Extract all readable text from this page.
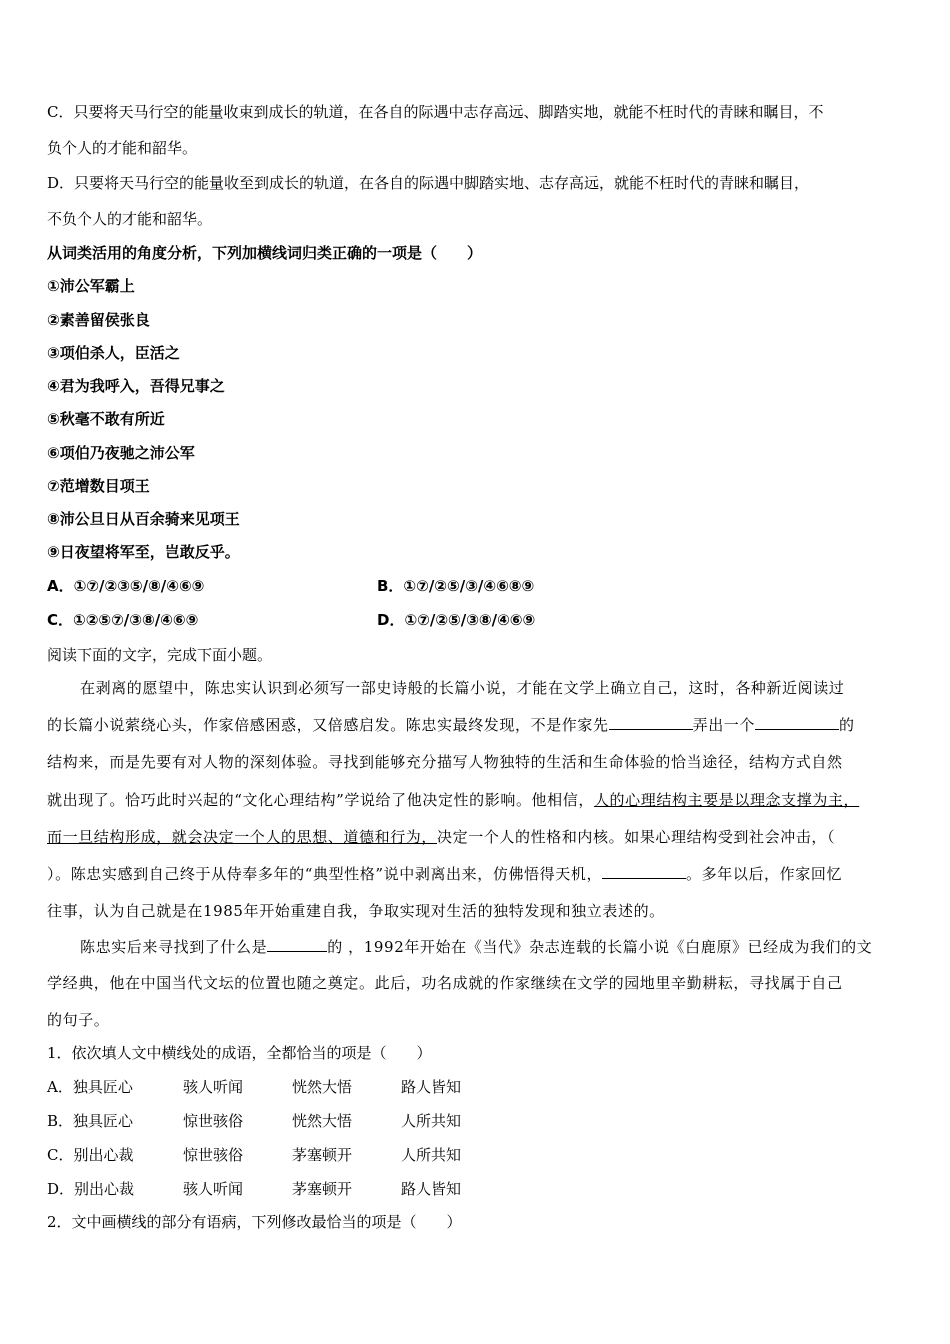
C．只要将天马行空的能量收束到成长的轨道，在各自的际遇中志存高远、脚踏实地，就能不枉时代的青睐和瞩目，不
负个人的才能和韶华。
D．只要将天马行空的能量收至到成长的轨道，在各自的际遇中脚踏实地、志存高远，就能不枉时代的青睐和瞩目，
不负个人的才能和韶华。
从词类活用的角度分析，下列加横线词归类正确的一项是（　　）
①沛公军霸上
②素善留侯张良
③项伯杀人，臣活之
④君为我呼入，吾得兄事之
⑤秋毫不敢有所近
⑥项伯乃夜驰之沛公军
⑦范增数目项王
⑧沛公旦日从百余骑来见项王
⑨日夜望将军至，岂敢反乎。
A．①⑦/②③⑤/⑧/④⑥⑨	B．①⑦/②⑤/③/④⑥⑧⑨
C．①②⑤⑦/③⑧/④⑥⑨	D．①⑦/②⑤/③⑧/④⑥⑨
阅读下面的文字，完成下面小题。
在剥离的愿望中，陈忠实认识到必须写一部史诗般的长篇小说，才能在文学上确立自己，这时，各种新近阅读过
的长篇小说萦绕心头，作家倍感困惑，又倍感启发。陈忠实最终发现，不是作家先	弄出一个	的
结构来，而是先要有对人物的深刻体验。寻找到能够充分描写人物独特的生活和生命体验的恰当途径，结构方式自然
就出现了。恰巧此时兴起的“文化心理结构”学说给了他决定性的影响。他相信，人的心理结构主要是以理念支撑为主，
而一旦结构形成，就会决定一个人的思想、道德和行为，决定一个人的性格和内核。如果心理结构受到社会冲击，（
）。陈忠实感到自己终于从侍奉多年的“典型性格”说中剥离出来，仿佛悟得天机，	。多年以后，作家回忆
往事，认为自己就是在1985年开始重建自我，争取实现对生活的独特发现和独立表述的。
陈忠实后来寻找到了什么是	的 ，1992年开始在《当代》杂志连载的长篇小说《白鹿原》已经成为我们的文
学经典，他在中国当代文坛的位置也随之奠定。此后，功名成就的作家继续在文学的园地里辛勤耕耘，寻找属于自己
的句子。
1．依次填人文中横线处的成语，全都恰当的项是（　　）
A．独具匠心	骇人听闻	恍然大悟	路人皆知
B．独具匠心	惊世骇俗	恍然大悟	人所共知
C．别出心裁	惊世骇俗	茅塞顿开	人所共知
D．别出心裁	骇人听闻	茅塞顿开	路人皆知
2．文中画横线的部分有语病，下列修改最恰当的项是（　　）
